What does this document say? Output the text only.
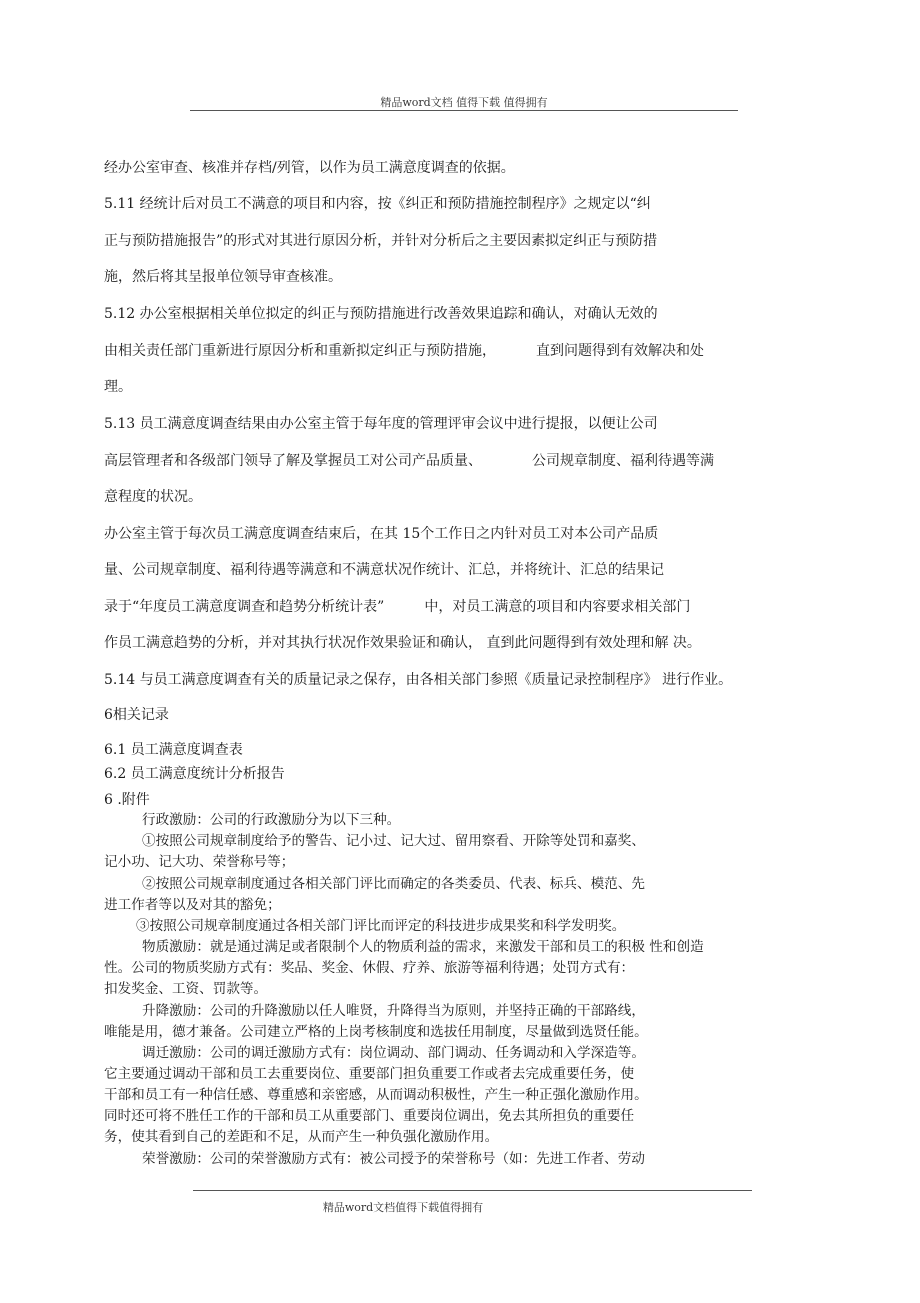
精品word文档 值得下载 值得拥有
经办公室审查、核准并存档/列管，以作为员工满意度调查的依据。
5.11 经统计后对员工不满意的项目和内容，按《纠正和预防措施控制程序》之规定以“纠
正与预防措施报告”的形式对其进行原因分析，并针对分析后之主要因素拟定纠正与预防措
施，然后将其呈报单位领导审查核准。
5.12 办公室根据相关单位拟定的纠正与预防措施进行改善效果追踪和确认，对确认无效的
由相关责任部门重新进行原因分析和重新拟定纠正与预防措施，	直到问题得到有效解决和处
理。
5.13 员工满意度调查结果由办公室主管于每年度的管理评审会议中进行提报，以便让公司
高层管理者和各级部门领导了解及掌握员工对公司产品质量、	公司规章制度、福利待遇等满
意程度的状况。
办公室主管于每次员工满意度调查结束后，在其 15个工作日之内针对员工对本公司产品质
量、公司规章制度、福利待遇等满意和不满意状况作统计、汇总，并将统计、汇总的结果记
录于“年度员工满意度调查和趋势分析统计表”	中，对员工满意的项目和内容要求相关部门
作员工满意趋势的分析，并对其执行状况作效果验证和确认， 直到此问题得到有效处理和解 决。
5.14 与员工满意度调查有关的质量记录之保存，由各相关部门参照《质量记录控制程序》 进行作业。
6相关记录
6.1 员工满意度调查表
6.2 员工满意度统计分析报告
6 .附件
行政激励：公司的行政激励分为以下三种。
①按照公司规章制度给予的警告、记小过、记大过、留用察看、开除等处罚和嘉奖、
记小功、记大功、荣誉称号等；
②按照公司规章制度通过各相关部门评比而确定的各类委员、代表、标兵、模范、先
进工作者等以及对其的豁免；
③按照公司规章制度通过各相关部门评比而评定的科技进步成果奖和科学发明奖。
物质激励：就是通过满足或者限制个人的物质利益的需求，来激发干部和员工的积极 性和创造
性。公司的物质奖励方式有：奖品、奖金、休假、疗养、旅游等福利待遇；处罚方式有：
扣发奖金、工资、罚款等。
升降激励：公司的升降激励以任人唯贤，升降得当为原则，并坚持正确的干部路线，
唯能是用，德才兼备。公司建立严格的上岗考核制度和选拔任用制度，尽量做到选贤任能。
调迁激励：公司的调迁激励方式有：岗位调动、部门调动、任务调动和入学深造等。
它主要通过调动干部和员工去重要岗位、重要部门担负重要工作或者去完成重要任务，使
干部和员工有一种信任感、尊重感和亲密感，从而调动积极性，产生一种正强化激励作用。
同时还可将不胜任工作的干部和员工从重要部门、重要岗位调出，免去其所担负的重要任
务，使其看到自己的差距和不足，从而产生一种负强化激励作用。
荣誉激励：公司的荣誉激励方式有：被公司授予的荣誉称号（如：先进工作者、劳动
精品word文档值得下载值得拥有
